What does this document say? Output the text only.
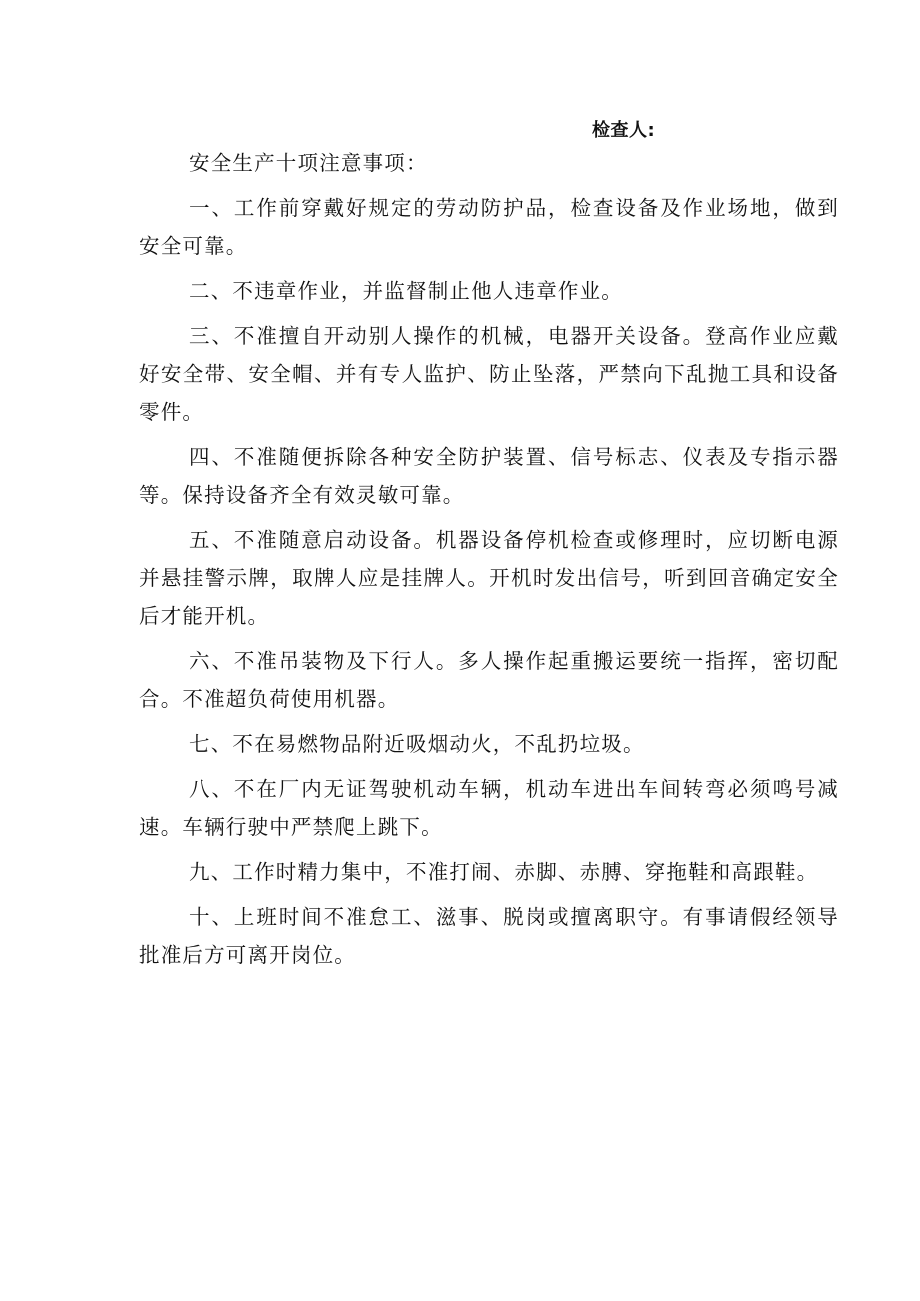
检查人:

安全生产十项注意事项：

一、工作前穿戴好规定的劳动防护品，检查设备及作业场地，做到安全可靠。

二、不违章作业，并监督制止他人违章作业。

三、不准擅自开动别人操作的机械，电器开关设备。登高作业应戴好安全带、安全帽、并有专人监护、防止坠落，严禁向下乱抛工具和设备零件。

四、不准随便拆除各种安全防护装置、信号标志、仪表及专指示器等。保持设备齐全有效灵敏可靠。

五、不准随意启动设备。机器设备停机检查或修理时，应切断电源并悬挂警示牌，取牌人应是挂牌人。开机时发出信号，听到回音确定安全后才能开机。

六、不准吊装物及下行人。多人操作起重搬运要统一指挥，密切配合。不准超负荷使用机器。

七、不在易燃物品附近吸烟动火，不乱扔垃圾。

八、不在厂内无证驾驶机动车辆，机动车进出车间转弯必须鸣号减速。车辆行驶中严禁爬上跳下。

九、工作时精力集中，不准打闹、赤脚、赤膊、穿拖鞋和高跟鞋。

十、上班时间不准怠工、滋事、脱岗或擅离职守。有事请假经领导批准后方可离开岗位。
